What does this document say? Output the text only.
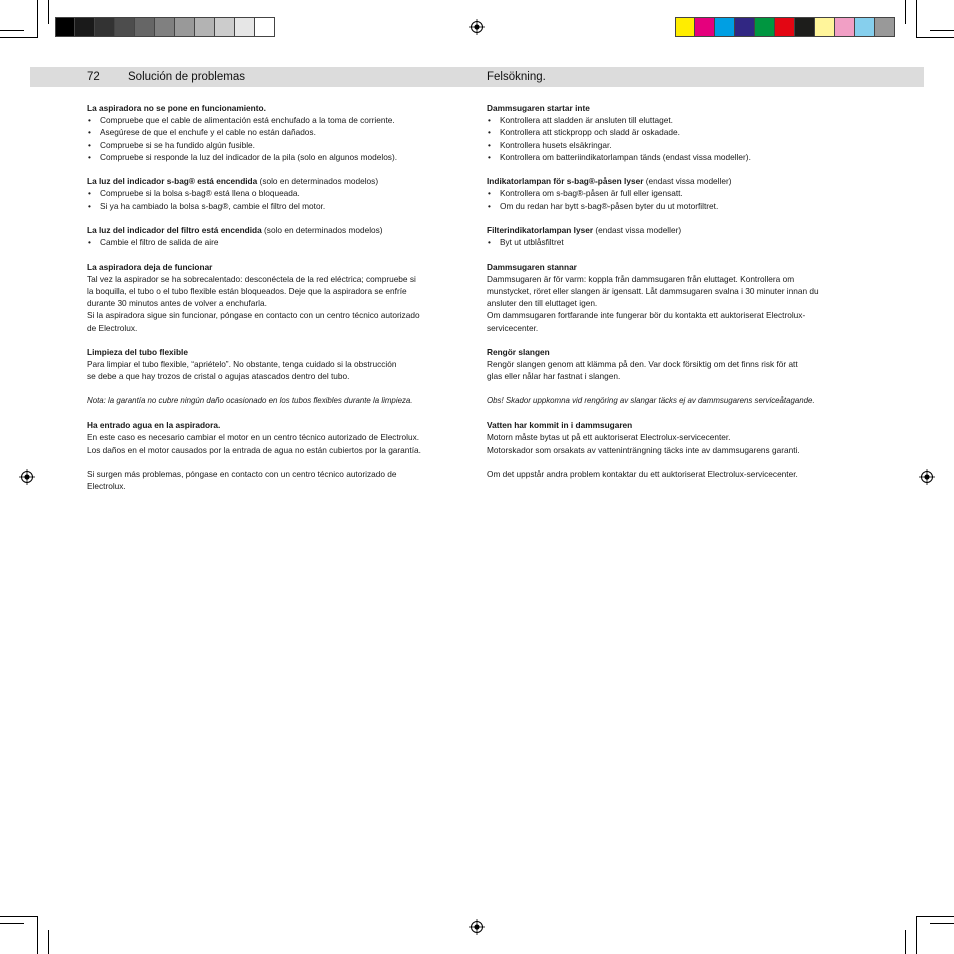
72 Solución de problemas	Felsökning.
La aspiradora no se pone en funcionamiento.
• Compruebe que el cable de alimentación está enchufado a la toma de corriente.
• Asegúrese de que el enchufe y el cable no están dañados.
• Compruebe si se ha fundido algún fusible.
• Compruebe si responde la luz del indicador de la pila (solo en algunos modelos).
La luz del indicador s-bag® está encendida (solo en determinados modelos)
• Compruebe si la bolsa s-bag® está llena o bloqueada.
• Si ya ha cambiado la bolsa s-bag®, cambie el filtro del motor.
La luz del indicador del filtro está encendida (solo en determinados modelos)
• Cambie el filtro de salida de aire
La aspiradora deja de funcionar
Tal vez la aspirador se ha sobrecalentado: desconéctela de la red eléctrica; compruebe si
la boquilla, el tubo o el tubo flexible están bloqueados. Deje que la aspiradora se enfríe
durante 30 minutos antes de volver a enchufarla.
Si la aspiradora sigue sin funcionar, póngase en contacto con un centro técnico autorizado
de Electrolux.
Limpieza del tubo flexible
Para limpiar el tubo flexible, “apriételo”. No obstante, tenga cuidado si la obstrucción
se debe a que hay trozos de cristal o agujas atascados dentro del tubo.
Nota: la garantía no cubre ningún daño ocasionado en los tubos flexibles durante la limpieza.
Ha entrado agua en la aspiradora.
En este caso es necesario cambiar el motor en un centro técnico autorizado de Electrolux.
Los daños en el motor causados por la entrada de agua no están cubiertos por la garantía.
Si surgen más problemas, póngase en contacto con un centro técnico autorizado de
Electrolux.
Dammsugaren startar inte
• Kontrollera att sladden är ansluten till eluttaget.
• Kontrollera att stickpropp och sladd är oskadade.
• Kontrollera husets elsäkringar.
• Kontrollera om batteriindikatorlampan tänds (endast vissa modeller).
Indikatorlampan för s-bag®-påsen lyser (endast vissa modeller)
• Kontrollera om s-bag®-påsen är full eller igensatt.
• Om du redan har bytt s-bag®-påsen byter du ut motorfiltret.
Filterindikatorlampan lyser (endast vissa modeller)
• Byt ut utblåsfiltret
Dammsugaren stannar
Dammsugaren är för varm: koppla från dammsugaren från eluttaget. Kontrollera om
munstycket, röret eller slangen är igensatt. Låt dammsugaren svalna i 30 minuter innan du
ansluter den till eluttaget igen.
Om dammsugaren fortfarande inte fungerar bör du kontakta ett auktoriserat Electrolux-
servicecenter.
Rengör slangen
Rengör slangen genom att klämma på den. Var dock försiktig om det finns risk för att
glas eller nålar har fastnat i slangen.
Obs! Skador uppkomna vid rengöring av slangar täcks ej av dammsugarens serviceåtagande.
Vatten har kommit in i dammsugaren
Motorn måste bytas ut på ett auktoriserat Electrolux-servicecenter.
Motorskador som orsakats av vatteninträngning täcks inte av dammsugarens garanti.
Om det uppstår andra problem kontaktar du ett auktoriserat Electrolux-servicecenter.
